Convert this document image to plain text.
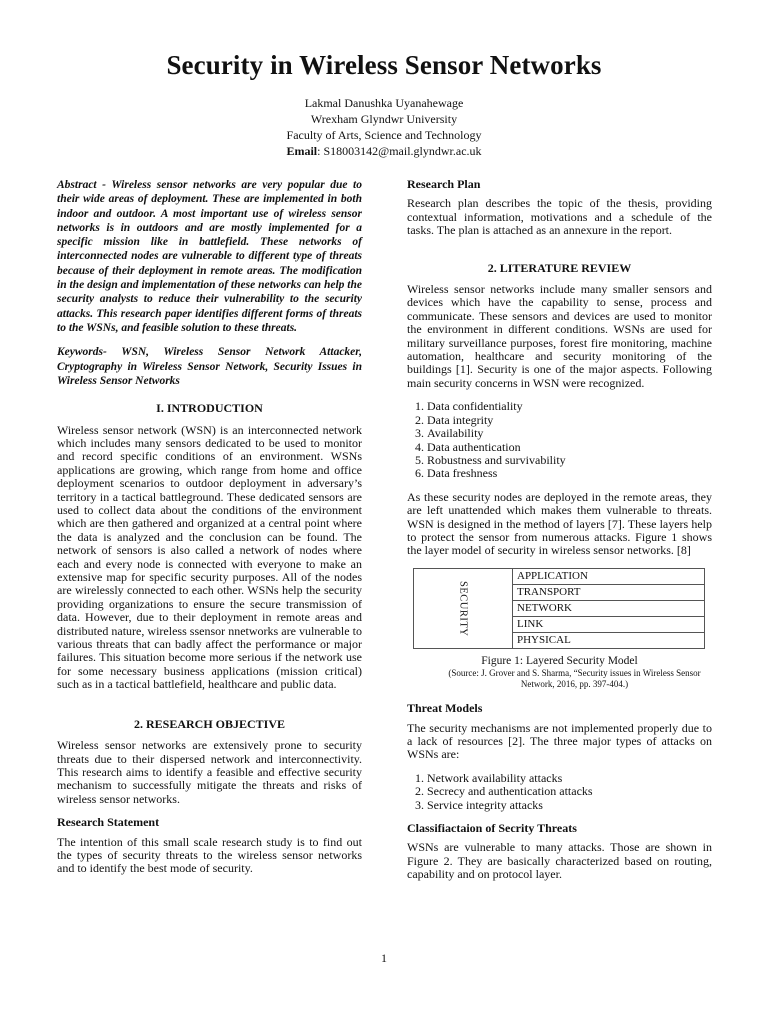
Security in Wireless Sensor Networks
Lakmal Danushka Uyanahewage
Wrexham Glyndwr University
Faculty of Arts, Science and Technology
Email: S18003142@mail.glyndwr.ac.uk

Abstract - Wireless sensor networks are very popular due to their wide areas of deployment. These are implemented in both indoor and outdoor. A most important use of wireless sensor networks is in outdoors and are mostly implemented for a specific mission like in battlefield. These networks of interconnected nodes are vulnerable to different type of threats because of their deployment in remote areas. The modification in the design and implementation of these networks can help the security analysts to reduce their vulnerability to the security attacks. This research paper identifies different forms of threats to the WSNs, and feasible solution to these threats.

Keywords- WSN, Wireless Sensor Network Attacker, Cryptography in Wireless Sensor Network, Security Issues in Wireless Sensor Networks

I. INTRODUCTION

Wireless sensor network (WSN) is an interconnected network which includes many sensors dedicated to be used to monitor and record specific conditions of an environment. WSNs applications are growing, which range from home and office deployment scenarios to outdoor deployment in adversary’s territory in a tactical battleground. These dedicated sensors are used to collect data about the conditions of the environment which are then gathered and organized at a central point where the data is analyzed and the conclusion can be found. The network of sensors is also called a network of nodes where each and every node is connected with everyone to make an extensive map for specific security purposes. All of the nodes are wirelessly connected to each other. WSNs help the security providing organizations to ensure the secure transmission of data. However, due to their deployment in remote areas and distributed nature, wireless ssensor nnetworks are vulnerable to various threats that can badly affect the performance or major failures. This situation become more serious if the network use for some necessary business applications (mission critical) such as in a tactical battlefield, healthcare and public data.

2. RESEARCH OBJECTIVE

Wireless sensor networks are extensively prone to security threats due to their dispersed network and interconnectivity. This research aims to identify a feasible and effective security mechanism to successfully mitigate the threats and risks of wireless sensor networks.

Research Statement

The intention of this small scale research study is to find out the types of security threats to the wireless sensor networks and to identify the best mode of security.

Research Plan

Research plan describes the topic of the thesis, providing contextual information, motivations and a schedule of the tasks. The plan is attached as an annexure in the report.

2. LITERATURE REVIEW

Wireless sensor networks include many smaller sensors and devices which have the capability to sense, process and communicate. These sensors and devices are used to monitor the environment in different conditions. WSNs are used for military surveillance purposes, forest fire monitoring, machine automation, healthcare and security monitoring of the buildings [1]. Security is one of the major aspects. Following main security concerns in WSN were recognized.

1. Data confidentiality
2. Data integrity
3. Availability
4. Data authentication
5. Robustness and survivability
6. Data freshness

As these security nodes are deployed in the remote areas, they are left unattended which makes them vulnerable to threats. WSN is designed in the method of layers [7]. These layers help to protect the sensor from numerous attacks. Figure 1 shows the layer model of security in wireless sensor networks. [8]

SECURITY	APPLICATION
TRANSPORT
NETWORK
LINK
PHYSICAL
Figure 1: Layered Security Model
(Source: J. Grover and S. Sharma, “Security issues in Wireless Sensor Network, 2016, pp. 397-404.)
Threat Models

The security mechanisms are not implemented properly due to a lack of resources [2]. The three major types of attacks on WSNs are:

1. Network availability attacks
2. Secrecy and authentication attacks
3. Service integrity attacks
Classifiactaion of Secrity Threats

WSNs are vulnerable to many attacks. Those are shown in Figure 2. They are basically characterized based on routing, capability and on protocol layer.

1
